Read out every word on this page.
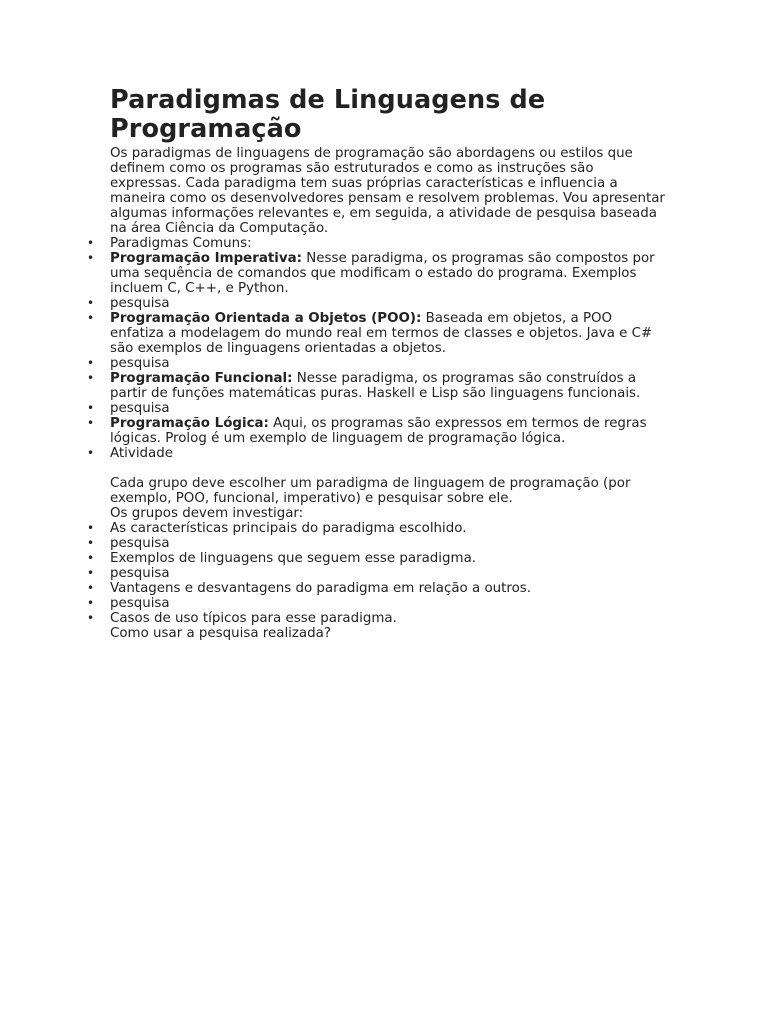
Paradigmas de Linguagens de Programação

Os paradigmas de linguagens de programação são abordagens ou estilos que definem como os programas são estruturados e como as instruções são expressas. Cada paradigma tem suas próprias características e influencia a maneira como os desenvolvedores pensam e resolvem problemas. Vou apresentar algumas informações relevantes e, em seguida, a atividade de pesquisa baseada na área Ciência da Computação.

• Paradigmas Comuns:
• Programação Imperativa: Nesse paradigma, os programas são compostos por uma sequência de comandos que modificam o estado do programa. Exemplos incluem C, C++, e Python.
• pesquisa
• Programação Orientada a Objetos (POO): Baseada em objetos, a POO enfatiza a modelagem do mundo real em termos de classes e objetos. Java e C# são exemplos de linguagens orientadas a objetos.
• pesquisa
• Programação Funcional: Nesse paradigma, os programas são construídos a partir de funções matemáticas puras. Haskell e Lisp são linguagens funcionais.
• pesquisa
• Programação Lógica: Aqui, os programas são expressos em termos de regras lógicas. Prolog é um exemplo de linguagem de programação lógica.
• Atividade
Cada grupo deve escolher um paradigma de linguagem de programação (por exemplo, POO, funcional, imperativo) e pesquisar sobre ele.
Os grupos devem investigar:
• As características principais do paradigma escolhido.
• pesquisa
• Exemplos de linguagens que seguem esse paradigma.
• pesquisa
• Vantagens e desvantagens do paradigma em relação a outros.
• pesquisa
• Casos de uso típicos para esse paradigma.
Como usar a pesquisa realizada?
